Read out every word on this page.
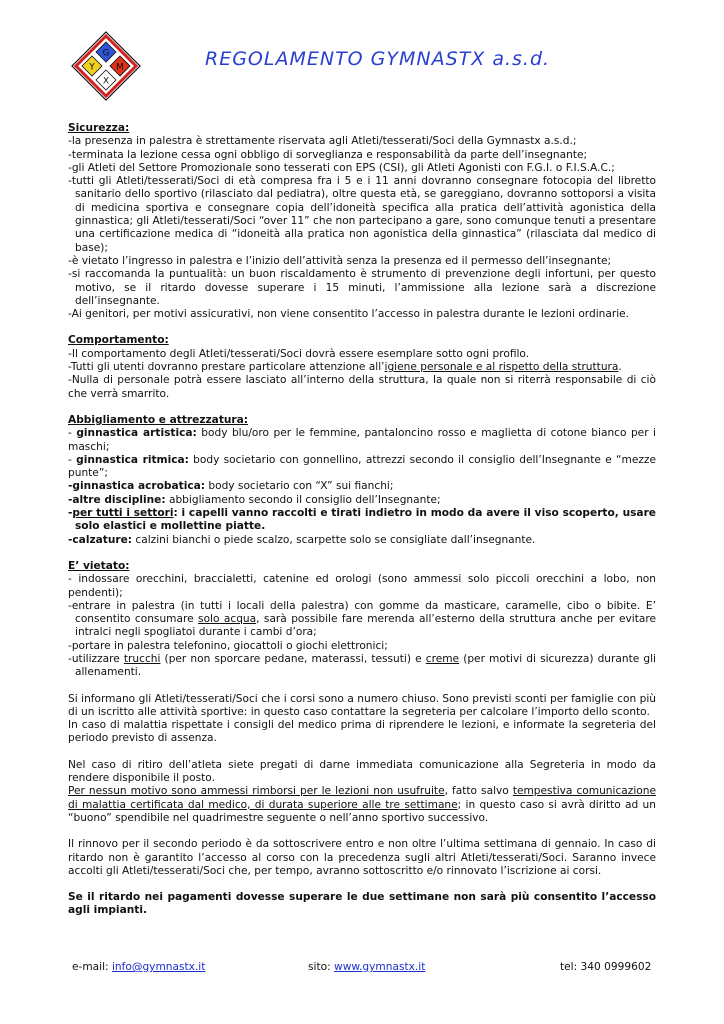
G
Y M
X
REGOLAMENTO GYMNASTX a.s.d.

Sicurezza:

-la presenza in palestra è strettamente riservata agli Atleti/tesserati/Soci della Gymnastx a.s.d.;

-terminata la lezione cessa ogni obbligo di sorveglianza e responsabilità da parte dell’insegnante;

-gli Atleti del Settore Promozionale sono tesserati con EPS (CSI), gli Atleti Agonisti con F.G.I. o F.I.S.A.C.;

-tutti gli Atleti/tesserati/Soci di età compresa fra i 5 e i 11 anni dovranno consegnare fotocopia del libretto sanitario dello sportivo (rilasciato dal pediatra), oltre questa età, se gareggiano, dovranno sottoporsi a visita di medicina sportiva e consegnare copia dell’idoneità specifica alla pratica dell’attività agonistica della ginnastica; gli Atleti/tesserati/Soci “over 11” che non partecipano a gare, sono comunque tenuti a presentare una certificazione medica di “idoneità alla pratica non agonistica della ginnastica” (rilasciata dal medico di base);

-è vietato l’ingresso in palestra e l’inizio dell’attività senza la presenza ed il permesso dell’insegnante;

-si raccomanda la puntualità: un buon riscaldamento è strumento di prevenzione degli infortuni, per questo motivo, se il ritardo dovesse superare i 15 minuti, l’ammissione alla lezione sarà a discrezione dell’insegnante.

-Ai genitori, per motivi assicurativi, non viene consentito l’accesso in palestra durante le lezioni ordinarie.

Comportamento:

-Il comportamento degli Atleti/tesserati/Soci dovrà essere esemplare sotto ogni profilo.

-Tutti gli utenti dovranno prestare particolare attenzione all’igiene personale e al rispetto della struttura.

-Nulla di personale potrà essere lasciato all’interno della struttura, la quale non si riterrà responsabile di ciò che verrà smarrito.

Abbigliamento e attrezzatura:

- ginnastica artistica: body blu/oro per le femmine, pantaloncino rosso e maglietta di cotone bianco per i maschi;

- ginnastica ritmica: body societario con gonnellino, attrezzi secondo il consiglio dell’Insegnante e “mezze punte”;

-ginnastica acrobatica: body societario con “X” sui fianchi;

-altre discipline: abbigliamento secondo il consiglio dell’Insegnante;

-per tutti i settori: i capelli vanno raccolti e tirati indietro in modo da avere il viso scoperto, usare solo elastici e mollettine piatte.

-calzature: calzini bianchi o piede scalzo, scarpette solo se consigliate dall’insegnante.

E’ vietato:

- indossare orecchini, braccialetti, catenine ed orologi (sono ammessi solo piccoli orecchini a lobo, non pendenti);

-entrare in palestra (in tutti i locali della palestra) con gomme da masticare, caramelle, cibo o bibite. E’ consentito consumare solo acqua, sarà possibile fare merenda all’esterno della struttura anche per evitare intralci negli spogliatoi durante i cambi d’ora;

-portare in palestra telefonino, giocattoli o giochi elettronici;

-utilizzare trucchi (per non sporcare pedane, materassi, tessuti) e creme (per motivi di sicurezza) durante gli allenamenti.

Si informano gli Atleti/tesserati/Soci che i corsi sono a numero chiuso. Sono previsti sconti per famiglie con più di un iscritto alle attività sportive: in questo caso contattare la segreteria per calcolare l’importo dello sconto.

In caso di malattia rispettate i consigli del medico prima di riprendere le lezioni, e informate la segreteria del periodo previsto di assenza.

Nel caso di ritiro dell’atleta siete pregati di darne immediata comunicazione alla Segreteria in modo da rendere disponibile il posto.

Per nessun motivo sono ammessi rimborsi per le lezioni non usufruite, fatto salvo tempestiva comunicazione di malattia certificata dal medico, di durata superiore alle tre settimane; in questo caso si avrà diritto ad un “buono” spendibile nel quadrimestre seguente o nell’anno sportivo successivo.

Il rinnovo per il secondo periodo è da sottoscrivere entro e non oltre l’ultima settimana di gennaio. In caso di ritardo non è garantito l’accesso al corso con la precedenza sugli altri Atleti/tesserati/Soci. Saranno invece accolti gli Atleti/tesserati/Soci che, per tempo, avranno sottoscritto e/o rinnovato l’iscrizione ai corsi.

Se il ritardo nei pagamenti dovesse superare le due settimane non sarà più consentito l’accesso agli impianti.

e-mail: info@gymnastx.it	sito: www.gymnastx.it	tel: 340 0999602
